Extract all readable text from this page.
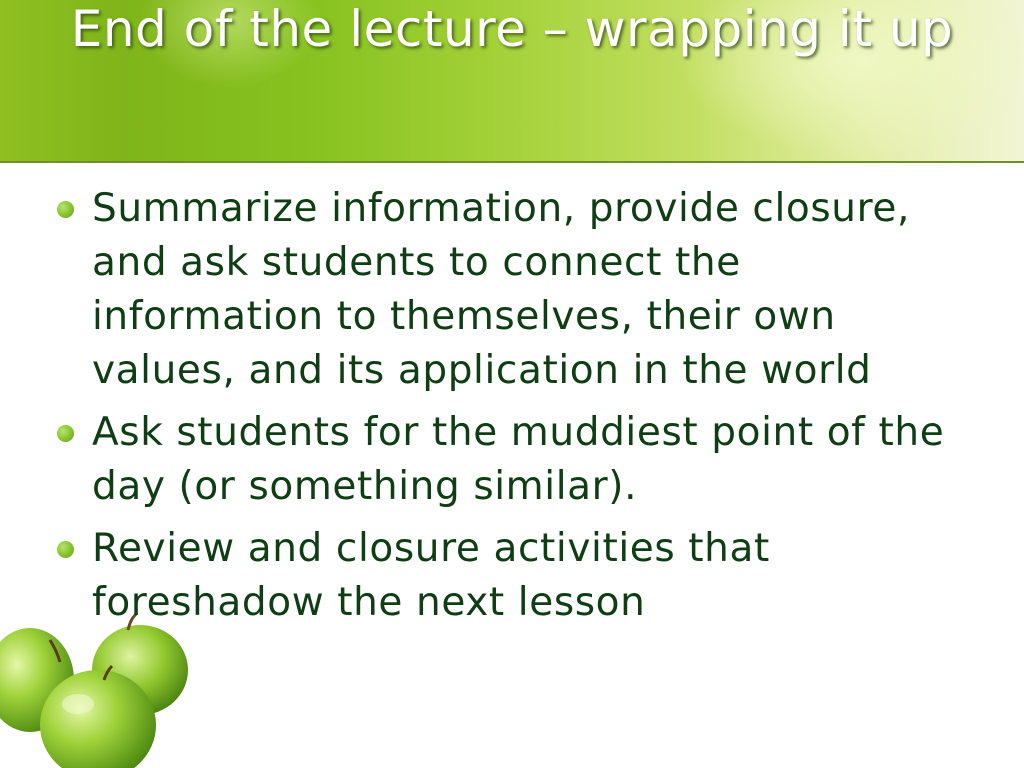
End of the lecture – wrapping it up
Summarize information, provide closure, and ask students to connect the information to themselves, their own values, and its application in the world
Ask students for the muddiest point of the day (or something similar).
Review and closure activities that foreshadow the next lesson
